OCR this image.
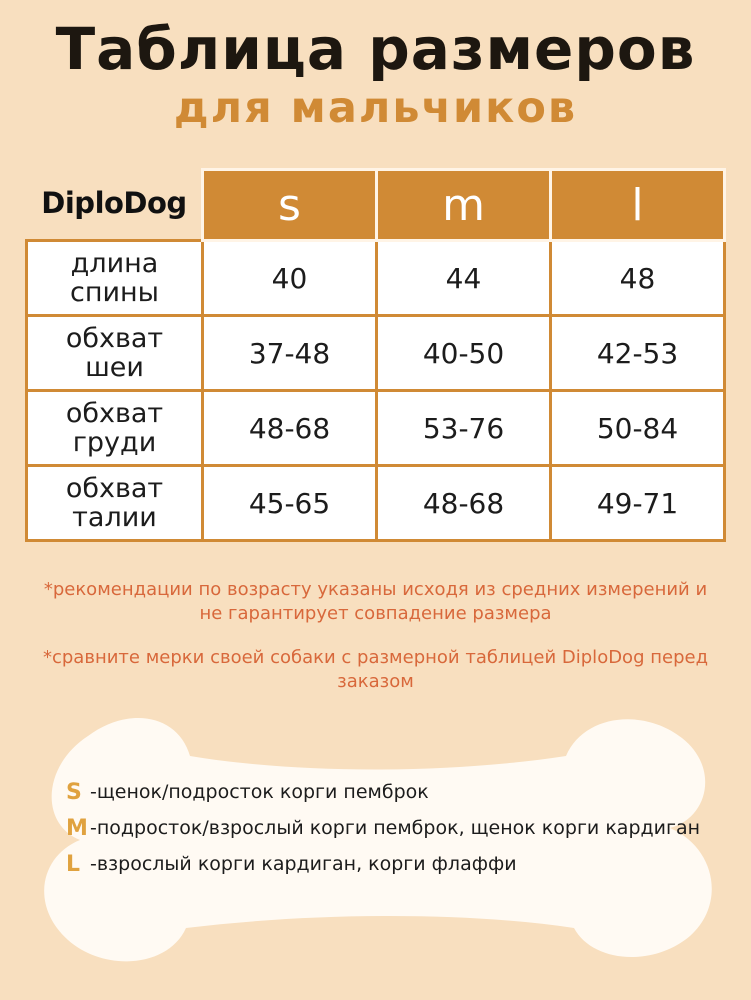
Таблица размеров
для мальчиков
	s	m	l

длина
спины	40	44	48

обхват
шеи	37-48	40-50	42-53

обхват
груди	48-68	53-76	50-84

обхват
талии	45-65	48-68	49-71
DiploDog
*рекомендации по возрасту указаны исходя из средних измерений и не гарантирует совпадение размера
*сравните мерки своей собаки с размерной таблицей DiploDog перед заказом
S - щенок/подросток корги пемброк
M - подросток/взрослый корги пемброк, щенок корги кардиган
L - взрослый корги кардиган, корги флаффи
